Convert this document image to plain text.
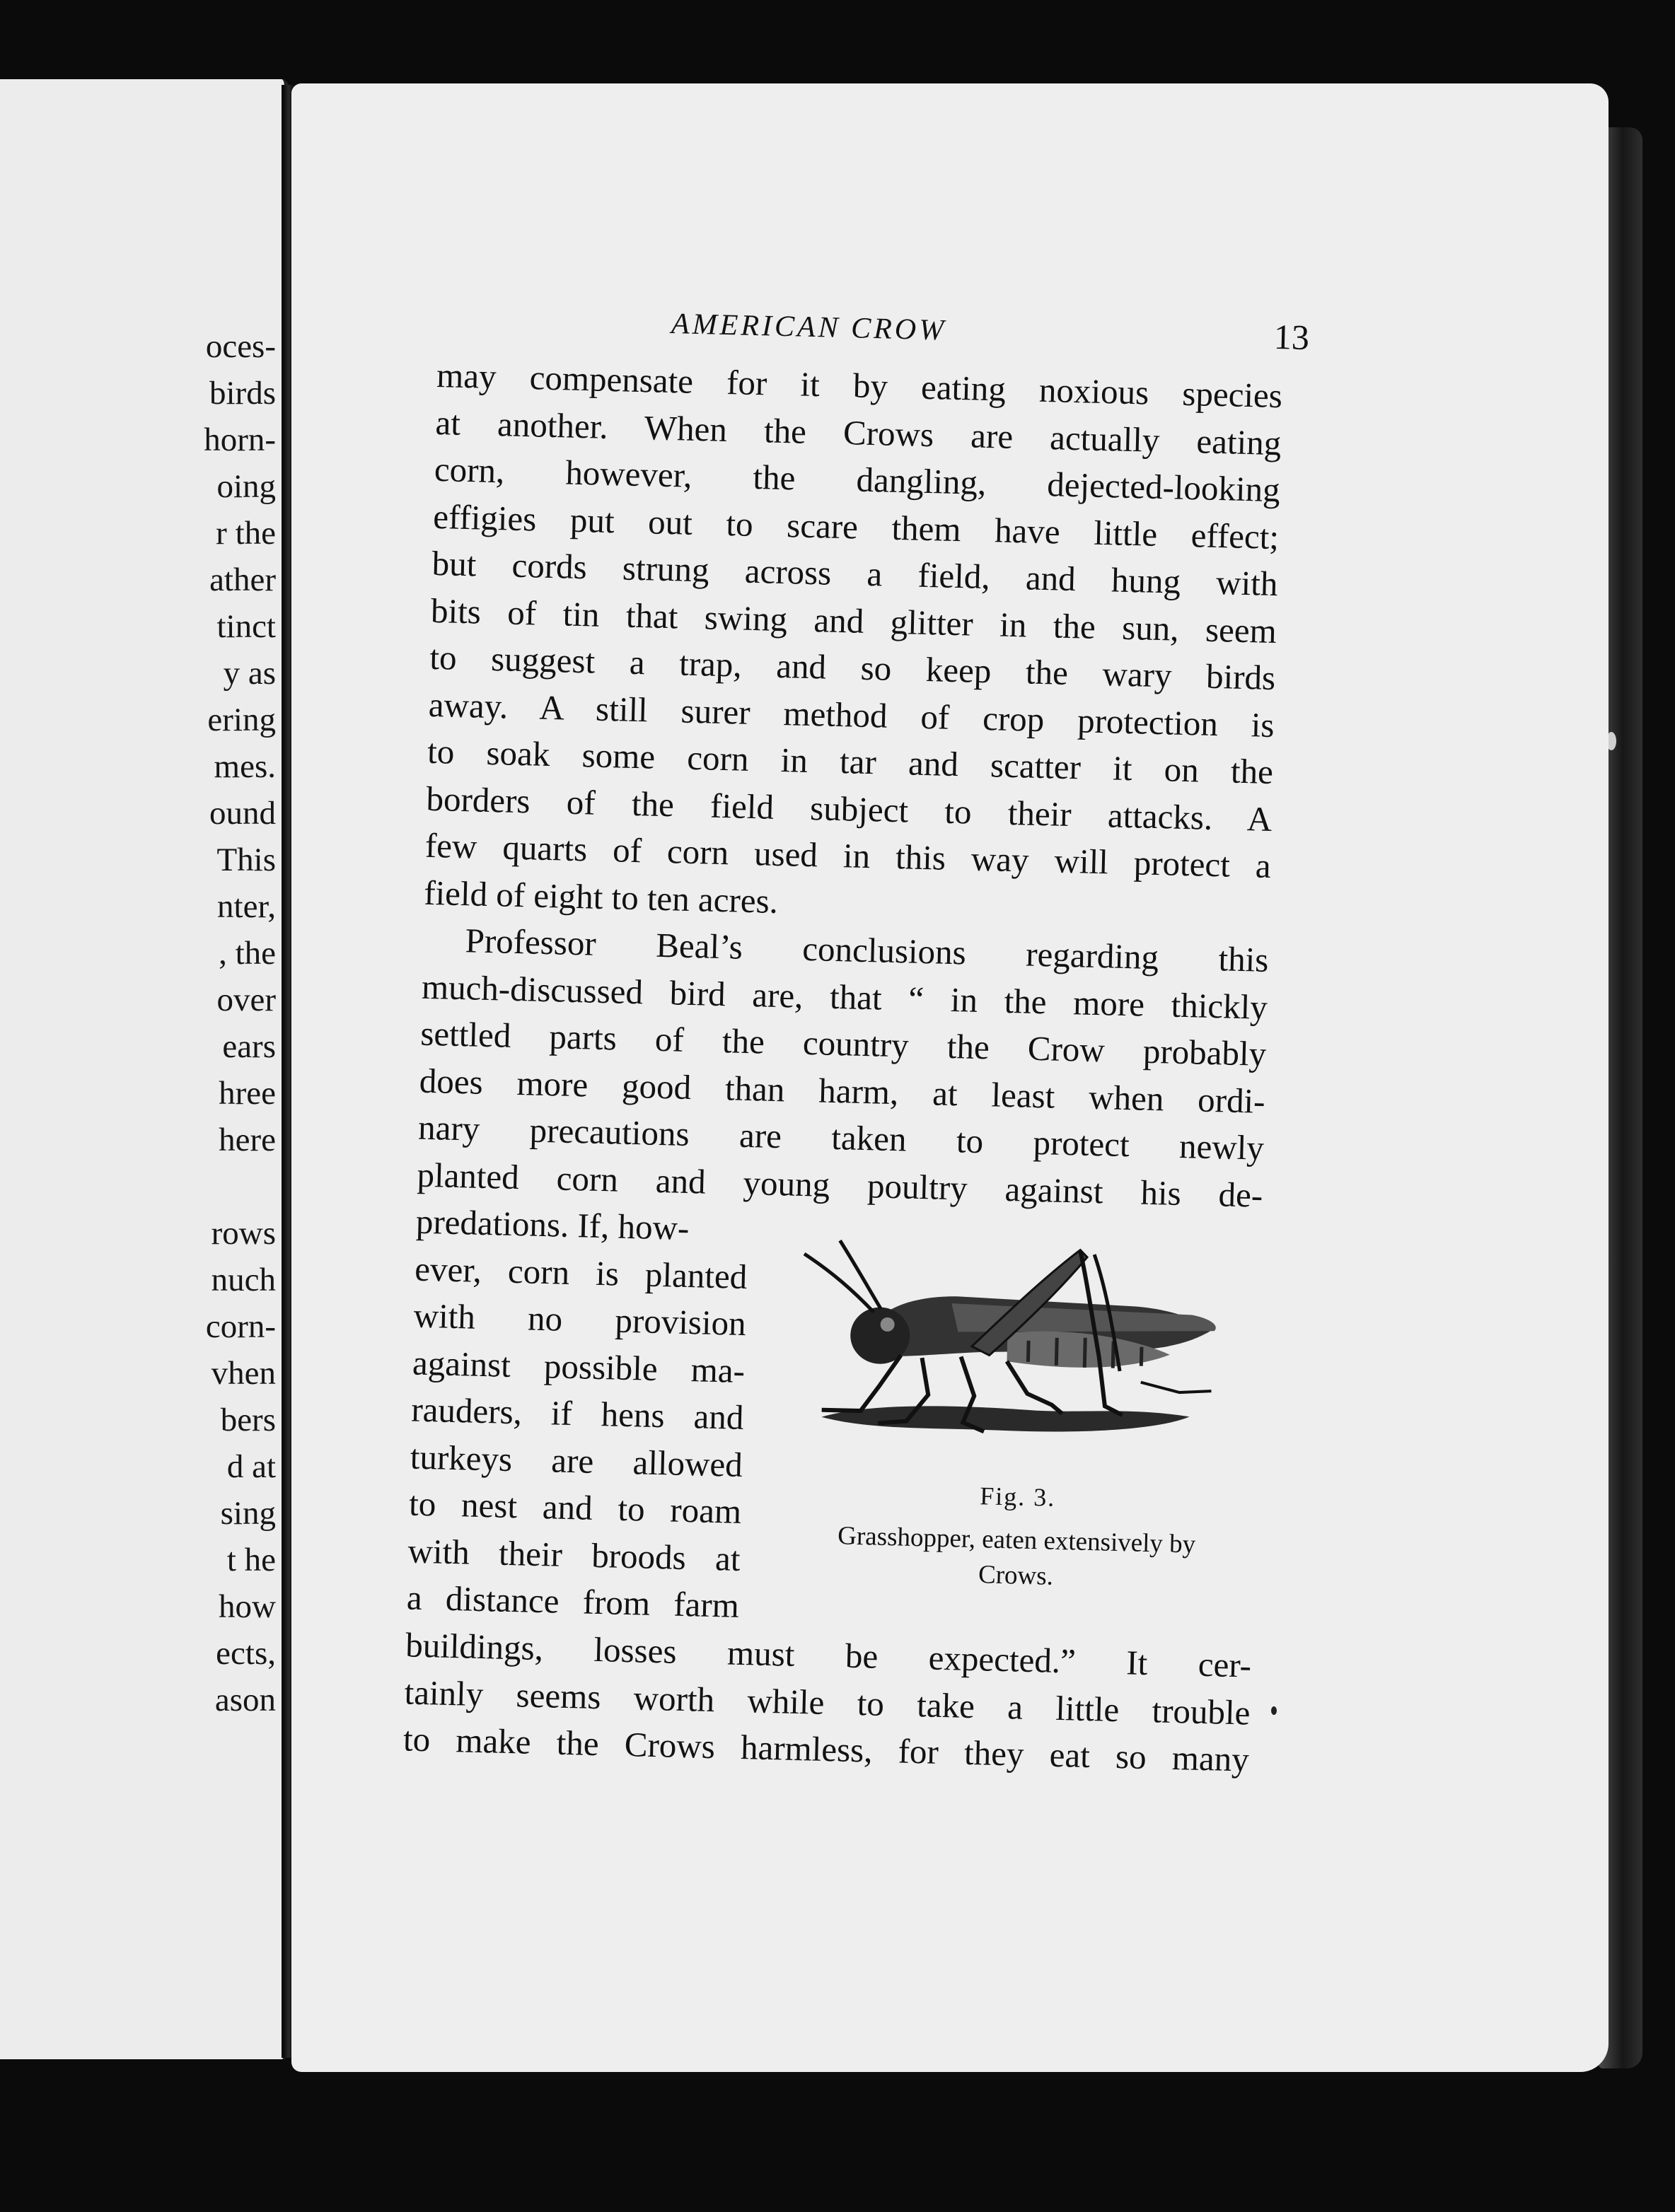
oces-
birds
horn-
oing
r the
ather
tinct
y as
ering
mes.
ound
This
nter,
, the
over
ears
hree
here
rows
nuch
corn-
vhen
bers
d at
sing
t he
how
ects,
ason
AMERICAN CROW	13
may compensate for it by eating noxious species
at another. When the Crows are actually eating
corn, however, the dangling, dejected-looking
effigies put out to scare them have little effect;
but cords strung across a field, and hung with
bits of tin that swing and glitter in the sun, seem
to suggest a trap, and so keep the wary birds
away. A still surer method of crop protection is
to soak some corn in tar and scatter it on the
borders of the field subject to their attacks. A
few quarts of corn used in this way will protect a
field of eight to ten acres.
Professor Beal’s conclusions regarding this
much-discussed bird are, that “ in the more thickly
settled parts of the country the Crow probably
does more good than harm, at least when ordi-
nary precautions are taken to protect newly
planted corn and young poultry against his de-
predations. If, how-
ever, corn is planted
with no provision
against possible ma-
rauders, if hens and
turkeys are allowed
to nest and to roam
with their broods at
a distance from farm
Fig. 3.
Grasshopper, eaten extensively by
Crows.
buildings, losses must be expected.” It cer-
tainly seems worth while to take a little trouble
to make the Crows harmless, for they eat so many
